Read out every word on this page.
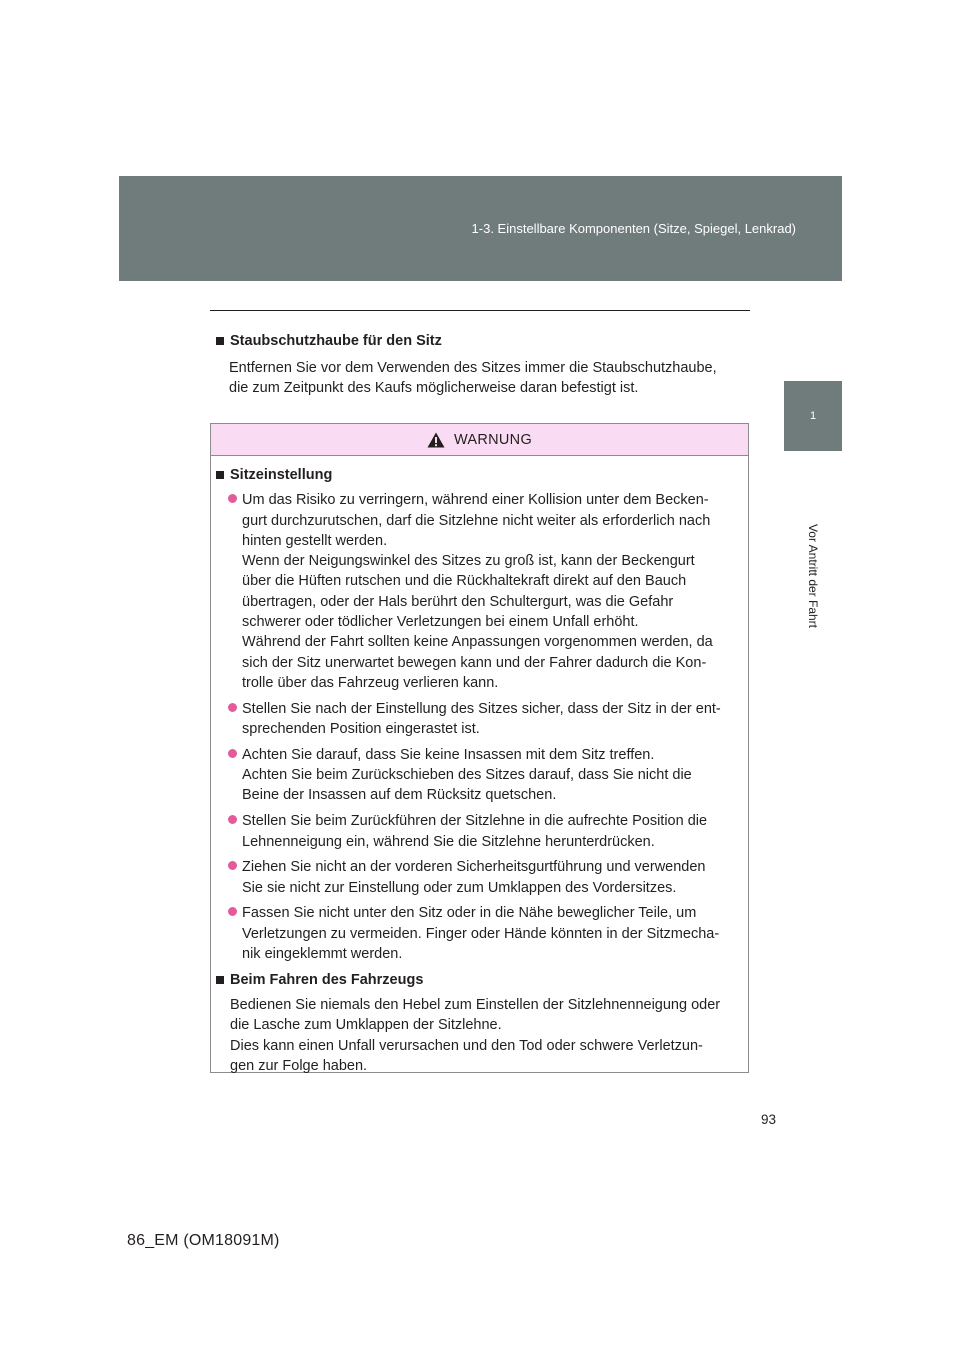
1-3. Einstellbare Komponenten (Sitze, Spiegel, Lenkrad)
1
Vor Antritt der Fahrt
Staubschutzhaube für den Sitz
Entfernen Sie vor dem Verwenden des Sitzes immer die Staubschutzhaube,
die zum Zeitpunkt des Kaufs möglicherweise daran befestigt ist.
WARNUNG
Sitzeinstellung
Um das Risiko zu verringern, während einer Kollision unter dem Becken-
gurt durchzurutschen, darf die Sitzlehne nicht weiter als erforderlich nach
hinten gestellt werden.
Wenn der Neigungswinkel des Sitzes zu groß ist, kann der Beckengurt
über die Hüften rutschen und die Rückhaltekraft direkt auf den Bauch
übertragen, oder der Hals berührt den Schultergurt, was die Gefahr
schwerer oder tödlicher Verletzungen bei einem Unfall erhöht.
Während der Fahrt sollten keine Anpassungen vorgenommen werden, da
sich der Sitz unerwartet bewegen kann und der Fahrer dadurch die Kon-
trolle über das Fahrzeug verlieren kann.
Stellen Sie nach der Einstellung des Sitzes sicher, dass der Sitz in der ent-
sprechenden Position eingerastet ist.
Achten Sie darauf, dass Sie keine Insassen mit dem Sitz treffen.
Achten Sie beim Zurückschieben des Sitzes darauf, dass Sie nicht die
Beine der Insassen auf dem Rücksitz quetschen.
Stellen Sie beim Zurückführen der Sitzlehne in die aufrechte Position die
Lehnenneigung ein, während Sie die Sitzlehne herunterdrücken.
Ziehen Sie nicht an der vorderen Sicherheitsgurtführung und verwenden
Sie sie nicht zur Einstellung oder zum Umklappen des Vordersitzes.
Fassen Sie nicht unter den Sitz oder in die Nähe beweglicher Teile, um
Verletzungen zu vermeiden. Finger oder Hände könnten in der Sitzmecha-
nik eingeklemmt werden.
Beim Fahren des Fahrzeugs
Bedienen Sie niemals den Hebel zum Einstellen der Sitzlehnenneigung oder
die Lasche zum Umklappen der Sitzlehne.
Dies kann einen Unfall verursachen und den Tod oder schwere Verletzun-
gen zur Folge haben.
93
86_EM (OM18091M)
